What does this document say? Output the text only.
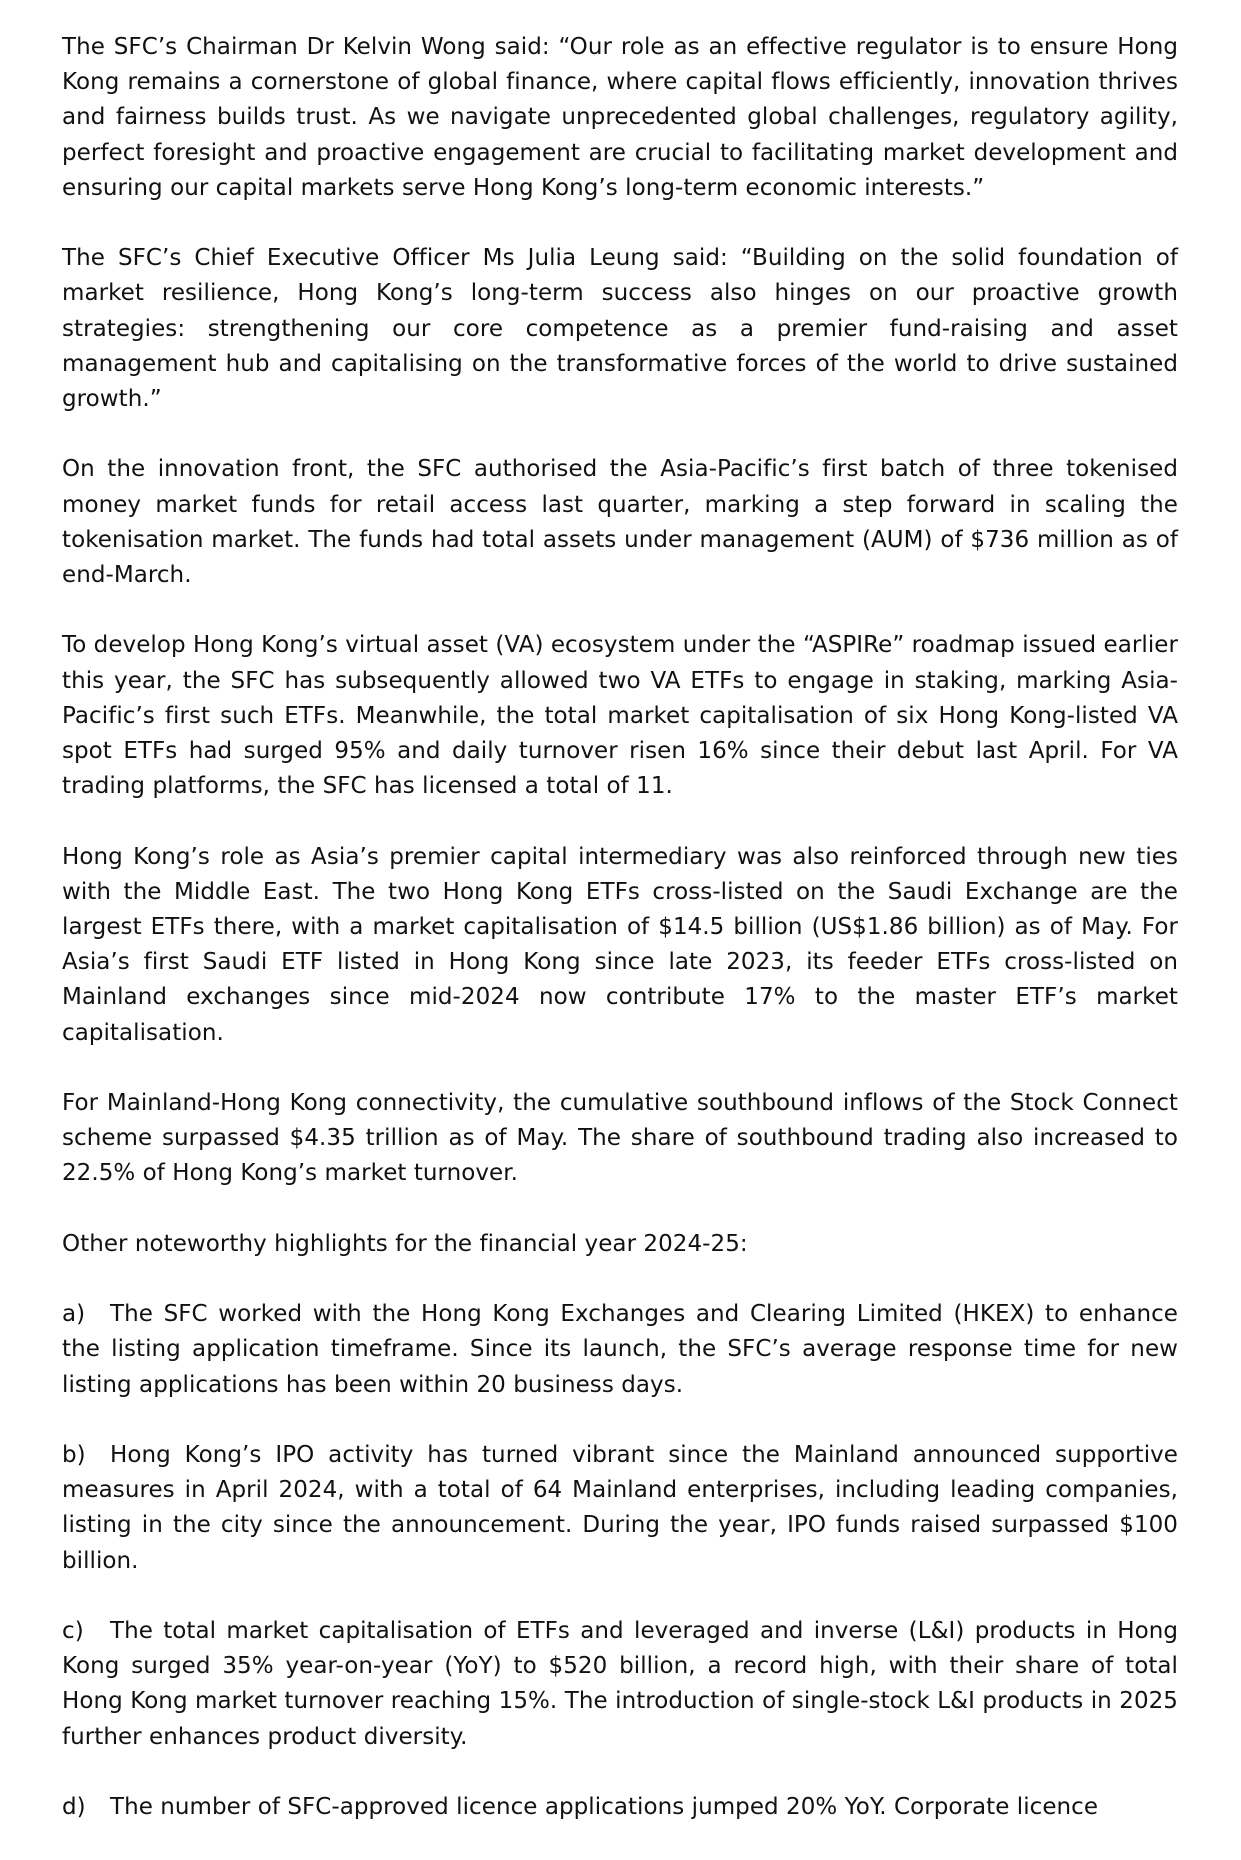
The SFC’s Chairman Dr Kelvin Wong said: “Our role as an effective regulator is to ensure Hong Kong remains a cornerstone of global finance, where capital flows efficiently, innovation thrives and fairness builds trust. As we navigate unprecedented global challenges, regulatory agility, perfect foresight and proactive engagement are crucial to facilitating market development and ensuring our capital markets serve Hong Kong’s long-term economic interests.”

The SFC’s Chief Executive Officer Ms Julia Leung said: “Building on the solid foundation of market resilience, Hong Kong’s long-term success also hinges on our proactive growth strategies: strengthening our core competence as a premier fund-raising and asset management hub and capitalising on the transformative forces of the world to drive sustained growth.”

On the innovation front, the SFC authorised the Asia-Pacific’s first batch of three tokenised money market funds for retail access last quarter, marking a step forward in scaling the tokenisation market. The funds had total assets under management (AUM) of $736 million as of end-March.

To develop Hong Kong’s virtual asset (VA) ecosystem under the “ASPIRe” roadmap issued earlier this year, the SFC has subsequently allowed two VA ETFs to engage in staking, marking Asia-Pacific’s first such ETFs. Meanwhile, the total market capitalisation of six Hong Kong-listed VA spot ETFs had surged 95% and daily turnover risen 16% since their debut last April. For VA trading platforms, the SFC has licensed a total of 11.

Hong Kong’s role as Asia’s premier capital intermediary was also reinforced through new ties with the Middle East. The two Hong Kong ETFs cross-listed on the Saudi Exchange are the largest ETFs there, with a market capitalisation of $14.5 billion (US$1.86 billion) as of May. For Asia’s first Saudi ETF listed in Hong Kong since late 2023, its feeder ETFs cross-listed on Mainland exchanges since mid-2024 now contribute 17% to the master ETF’s market capitalisation.

For Mainland-Hong Kong connectivity, the cumulative southbound inflows of the Stock Connect scheme surpassed $4.35 trillion as of May. The share of southbound trading also increased to 22.5% of Hong Kong’s market turnover.

Other noteworthy highlights for the financial year 2024-25:

a) The SFC worked with the Hong Kong Exchanges and Clearing Limited (HKEX) to enhance the listing application timeframe. Since its launch, the SFC’s average response time for new listing applications has been within 20 business days.

b) Hong Kong’s IPO activity has turned vibrant since the Mainland announced supportive measures in April 2024, with a total of 64 Mainland enterprises, including leading companies, listing in the city since the announcement. During the year, IPO funds raised surpassed $100 billion.

c) The total market capitalisation of ETFs and leveraged and inverse (L&I) products in Hong Kong surged 35% year-on-year (YoY) to $520 billion, a record high, with their share of total Hong Kong market turnover reaching 15%. The introduction of single-stock L&I products in 2025 further enhances product diversity.

d) The number of SFC-approved licence applications jumped 20% YoY. Corporate licence
